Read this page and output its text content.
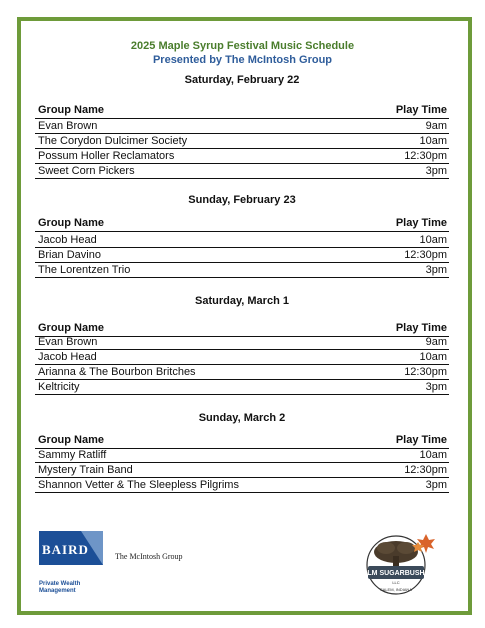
2025 Maple Syrup Festival Music Schedule
Presented by The McIntosh Group
Saturday, February 22
Group Name	Play Time
Evan Brown	9am
The Corydon Dulcimer Society	10am
Possum Holler Reclamators	12:30pm
Sweet Corn Pickers	3pm
Sunday, February 23
Group Name	Play Time
Jacob Head	10am
Brian Davino	12:30pm
The Lorentzen Trio	3pm
Saturday, March 1
Group Name	Play Time
Evan Brown	9am
Jacob Head	10am
Arianna & The Bourbon Britches	12:30pm
Keltricity	3pm
Sunday, March 2
Group Name	Play Time
Sammy Ratliff	10am
Mystery Train Band	12:30pm
Shannon Vetter & The Sleepless Pilgrims	3pm
BAIRD
Private Wealth Management
The McIntosh Group
LM SUGARBUSH
LLC
SALEM, INDIANA
